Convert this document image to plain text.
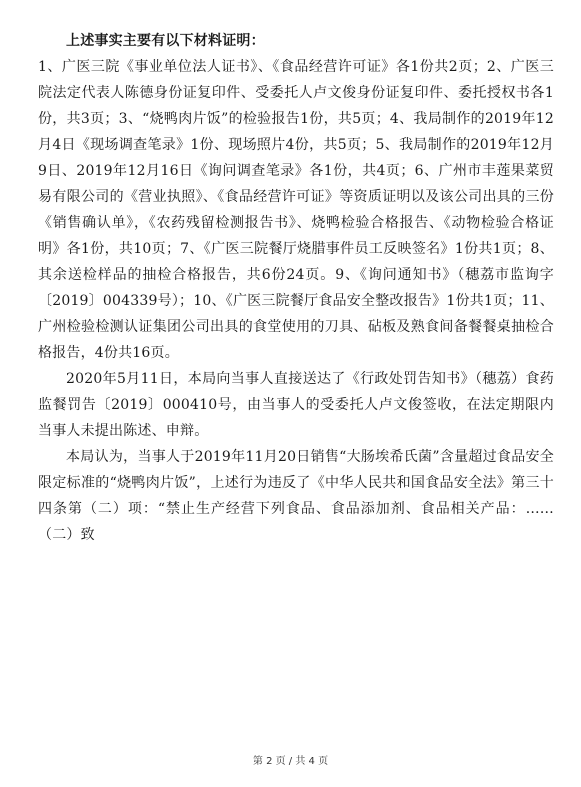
上述事实主要有以下材料证明：

1、广医三院《事业单位法人证书》、《食品经营许可证》各1份共2页；2、广医三院法定代表人陈德身份证复印件、受委托人卢文俊身份证复印件、委托授权书各1份，共3页；3、“烧鸭肉片饭”的检验报告1份，共5页；4、我局制作的2019年12月4日《现场调查笔录》1份、现场照片4份，共5页；5、我局制作的2019年12月9日、2019年12月16日《询问调查笔录》各1份，共4页；6、广州市丰莲果菜贸易有限公司的《营业执照》、《食品经营许可证》等资质证明以及该公司出具的三份《销售确认单》，《农药残留检测报告书》、烧鸭检验合格报告、《动物检验合格证明》各1份，共10页；7、《广医三院餐厅烧腊事件员工反映签名》1份共1页；8、其余送检样品的抽检合格报告，共6份24页。9、《询问通知书》（穗荔市监询字〔2019〕004339号）；10、《广医三院餐厅食品安全整改报告》1份共1页；11、广州检验检测认证集团公司出具的食堂使用的刀具、砧板及熟食间备餐餐桌抽检合格报告，4份共16页。

2020年5月11日，本局向当事人直接送达了《行政处罚告知书》（穗荔）食药监餐罚告〔2019〕000410号，由当事人的受委托人卢文俊签收，在法定期限内当事人未提出陈述、申辩。

本局认为，当事人于2019年11月20日销售“大肠埃希氏菌”含量超过食品安全限定标准的“烧鸭肉片饭”，上述行为违反了《中华人民共和国食品安全法》第三十四条第（二）项：“禁止生产经营下列食品、食品添加剂、食品相关产品：……（二）致

第 2 页 / 共 4 页
